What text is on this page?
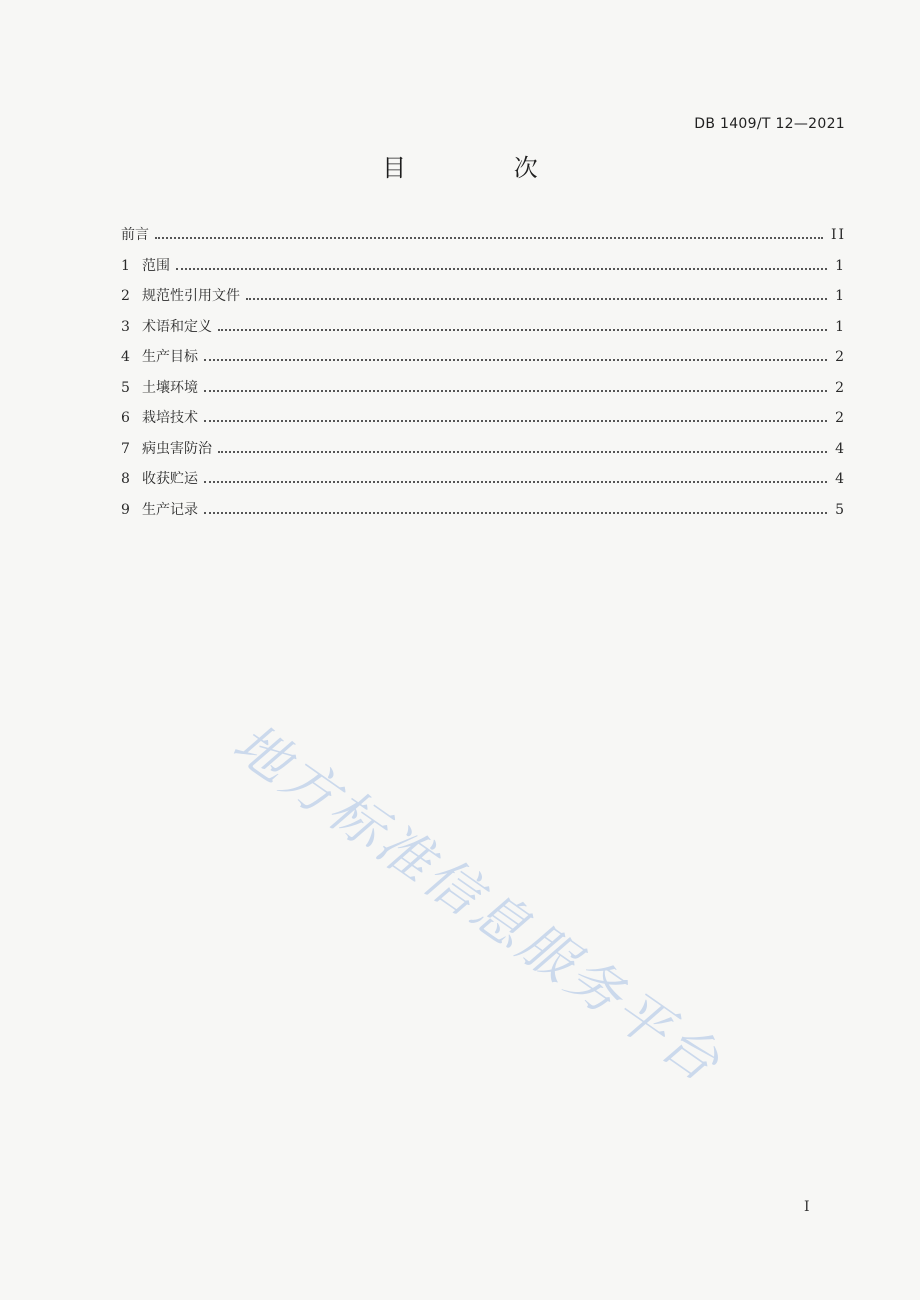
DB 1409/T 12—2021
目 次
前言	II
1 范围	1
2 规范性引用文件	1
3 术语和定义	1
4 生产目标	2
5 土壤环境	2
6 栽培技术	2
7 病虫害防治	4
8 收获贮运	4
9 生产记录	5
地方标准信息服务平台
I
